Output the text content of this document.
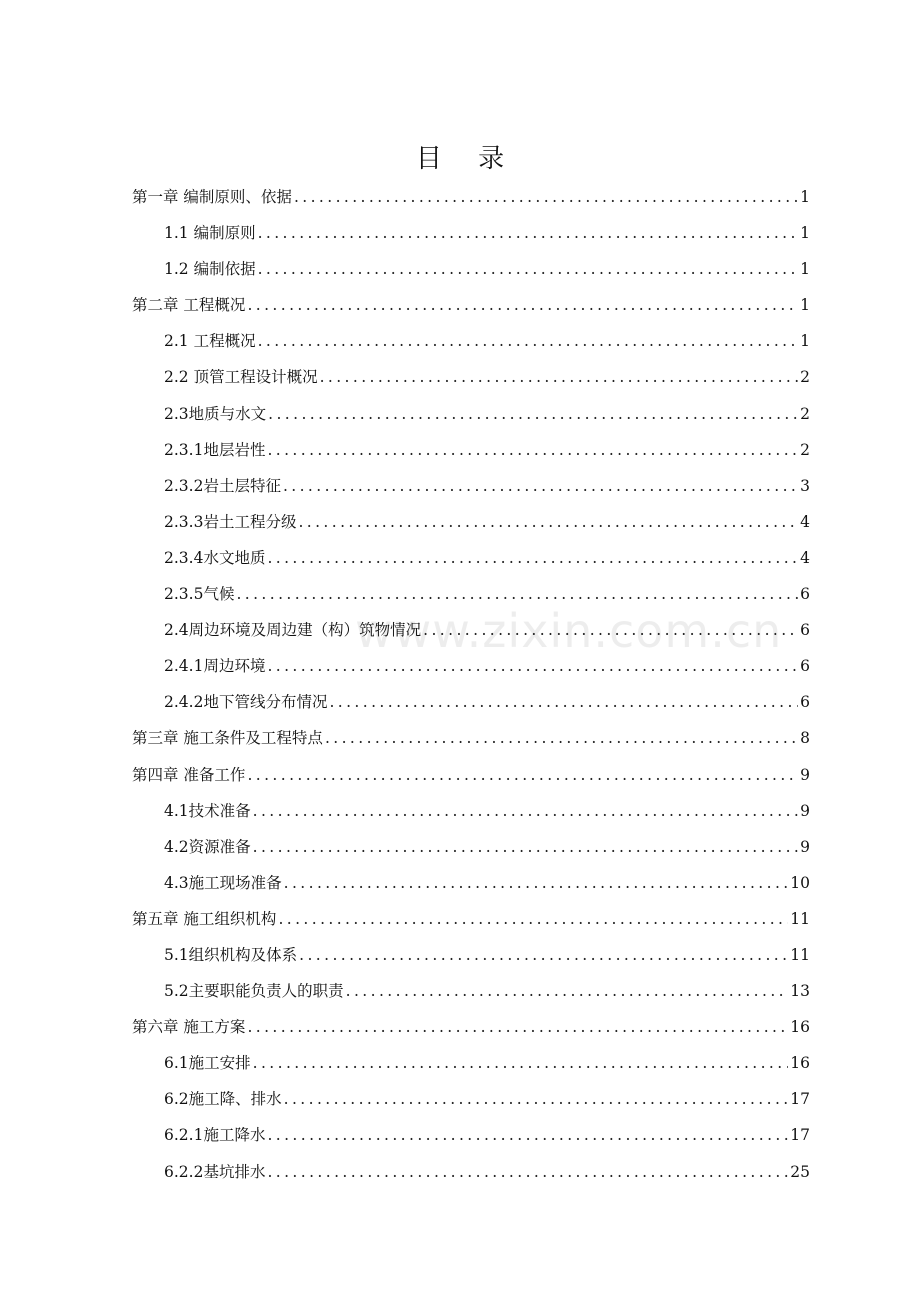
www.zixin.com.cn
目 录
第一章 编制原则、依据 .....	1
1.1 编制原则 .....	1
1.2 编制依据 .....	1
第二章 工程概况 .....	1
2.1 工程概况 .....	1
2.2 顶管工程设计概况 .....	2
2.3地质与水文 .....	2
2.3.1地层岩性 .....	2
2.3.2岩土层特征 .....	3
2.3.3岩土工程分级 .....	4
2.3.4水文地质 .....	4
2.3.5气候 .....	6
2.4周边环境及周边建（构）筑物情况 .....	6
2.4.1周边环境 .....	6
2.4.2地下管线分布情况 .....	6
第三章 施工条件及工程特点 .....	8
第四章 准备工作 .....	9
4.1技术准备 .....	9
4.2资源准备 .....	9
4.3施工现场准备 .....	10
第五章 施工组织机构 .....	11
5.1组织机构及体系 .....	11
5.2主要职能负责人的职责 .....	13
第六章 施工方案 .....	16
6.1施工安排 .....	16
6.2施工降、排水 .....	17
6.2.1施工降水 .....	17
6.2.2基坑排水 .....	25
